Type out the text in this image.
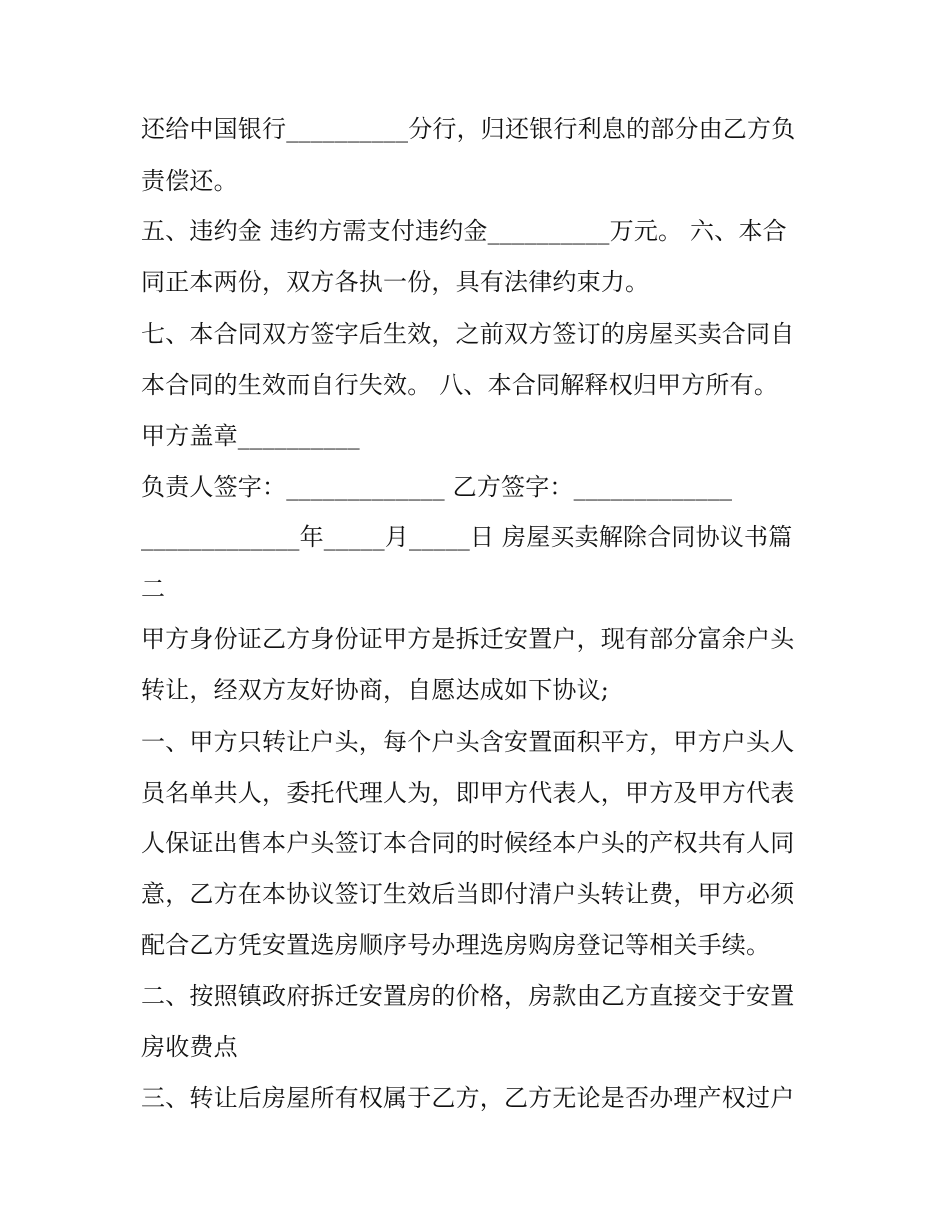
还给中国银行__________分行，归还银行利息的部分由乙方负
责偿还。
五、违约金 违约方需支付违约金__________万元。 六、本合
同正本两份，双方各执一份，具有法律约束力。
七、本合同双方签字后生效，之前双方签订的房屋买卖合同自
本合同的生效而自行失效。 八、本合同解释权归甲方所有。
甲方盖章__________
负责人签字：_____________ 乙方签字：_____________
_____________年_____月_____日 房屋买卖解除合同协议书篇
二
甲方身份证乙方身份证甲方是拆迁安置户，现有部分富余户头
转让，经双方友好协商，自愿达成如下协议;
一、甲方只转让户头，每个户头含安置面积平方，甲方户头人
员名单共人，委托代理人为，即甲方代表人，甲方及甲方代表
人保证出售本户头签订本合同的时候经本户头的产权共有人同
意，乙方在本协议签订生效后当即付清户头转让费，甲方必须
配合乙方凭安置选房顺序号办理选房购房登记等相关手续。
二、按照镇政府拆迁安置房的价格，房款由乙方直接交于安置
房收费点
三、转让后房屋所有权属于乙方，乙方无论是否办理产权过户
